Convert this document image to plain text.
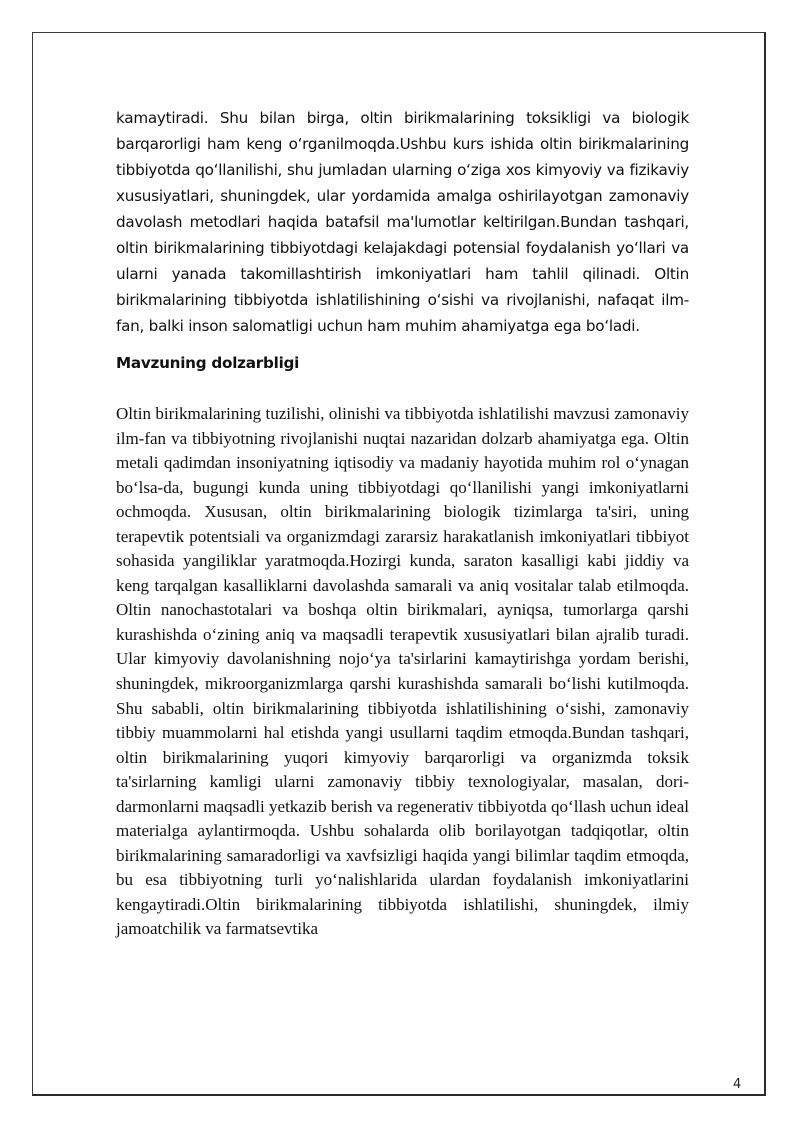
kamaytiradi. Shu bilan birga, oltin birikmalarining toksikligi va biologik barqarorligi ham keng oʻrganilmoqda.Ushbu kurs ishida oltin birikmalarining tibbiyotda qoʻllanilishi, shu jumladan ularning oʻziga xos kimyoviy va fizikaviy xususiyatlari, shuningdek, ular yordamida amalga oshirilayotgan zamonaviy davolash metodlari haqida batafsil ma'lumotlar keltirilgan.Bundan tashqari, oltin birikmalarining tibbiyotdagi kelajakdagi potensial foydalanish yoʻllari va ularni yanada takomillashtirish imkoniyatlari ham tahlil qilinadi. Oltin birikmalarining tibbiyotda ishlatilishining oʻsishi va rivojlanishi, nafaqat ilm-fan, balki inson salomatligi uchun ham muhim ahamiyatga ega boʻladi.

Mavzuning dolzarbligi

Oltin birikmalarining tuzilishi, olinishi va tibbiyotda ishlatilishi mavzusi zamonaviy ilm-fan va tibbiyotning rivojlanishi nuqtai nazaridan dolzarb ahamiyatga ega. Oltin metali qadimdan insoniyatning iqtisodiy va madaniy hayotida muhim rol oʻynagan boʻlsa-da, bugungi kunda uning tibbiyotdagi qoʻllanilishi yangi imkoniyatlarni ochmoqda. Xususan, oltin birikmalarining biologik tizimlarga ta'siri, uning terapevtik potentsiali va organizmdagi zararsiz harakatlanish imkoniyatlari tibbiyot sohasida yangiliklar yaratmoqda.Hozirgi kunda, saraton kasalligi kabi jiddiy va keng tarqalgan kasalliklarni davolashda samarali va aniq vositalar talab etilmoqda. Oltin nanochastotalari va boshqa oltin birikmalari, ayniqsa, tumorlarga qarshi kurashishda oʻzining aniq va maqsadli terapevtik xususiyatlari bilan ajralib turadi. Ular kimyoviy davolanishning nojoʻya ta'sirlarini kamaytirishga yordam berishi, shuningdek, mikroorganizmlarga qarshi kurashishda samarali boʻlishi kutilmoqda. Shu sababli, oltin birikmalarining tibbiyotda ishlatilishining oʻsishi, zamonaviy tibbiy muammolarni hal etishda yangi usullarni taqdim etmoqda.Bundan tashqari, oltin birikmalarining yuqori kimyoviy barqarorligi va organizmda toksik ta'sirlarning kamligi ularni zamonaviy tibbiy texnologiyalar, masalan, dori-darmonlarni maqsadli yetkazib berish va regenerativ tibbiyotda qoʻllash uchun ideal materialga aylantirmoqda. Ushbu sohalarda olib borilayotgan tadqiqotlar, oltin birikmalarining samaradorligi va xavfsizligi haqida yangi bilimlar taqdim etmoqda, bu esa tibbiyotning turli yoʻnalishlarida ulardan foydalanish imkoniyatlarini kengaytiradi.Oltin birikmalarining tibbiyotda ishlatilishi, shuningdek, ilmiy jamoatchilik va farmatsevtika

4
